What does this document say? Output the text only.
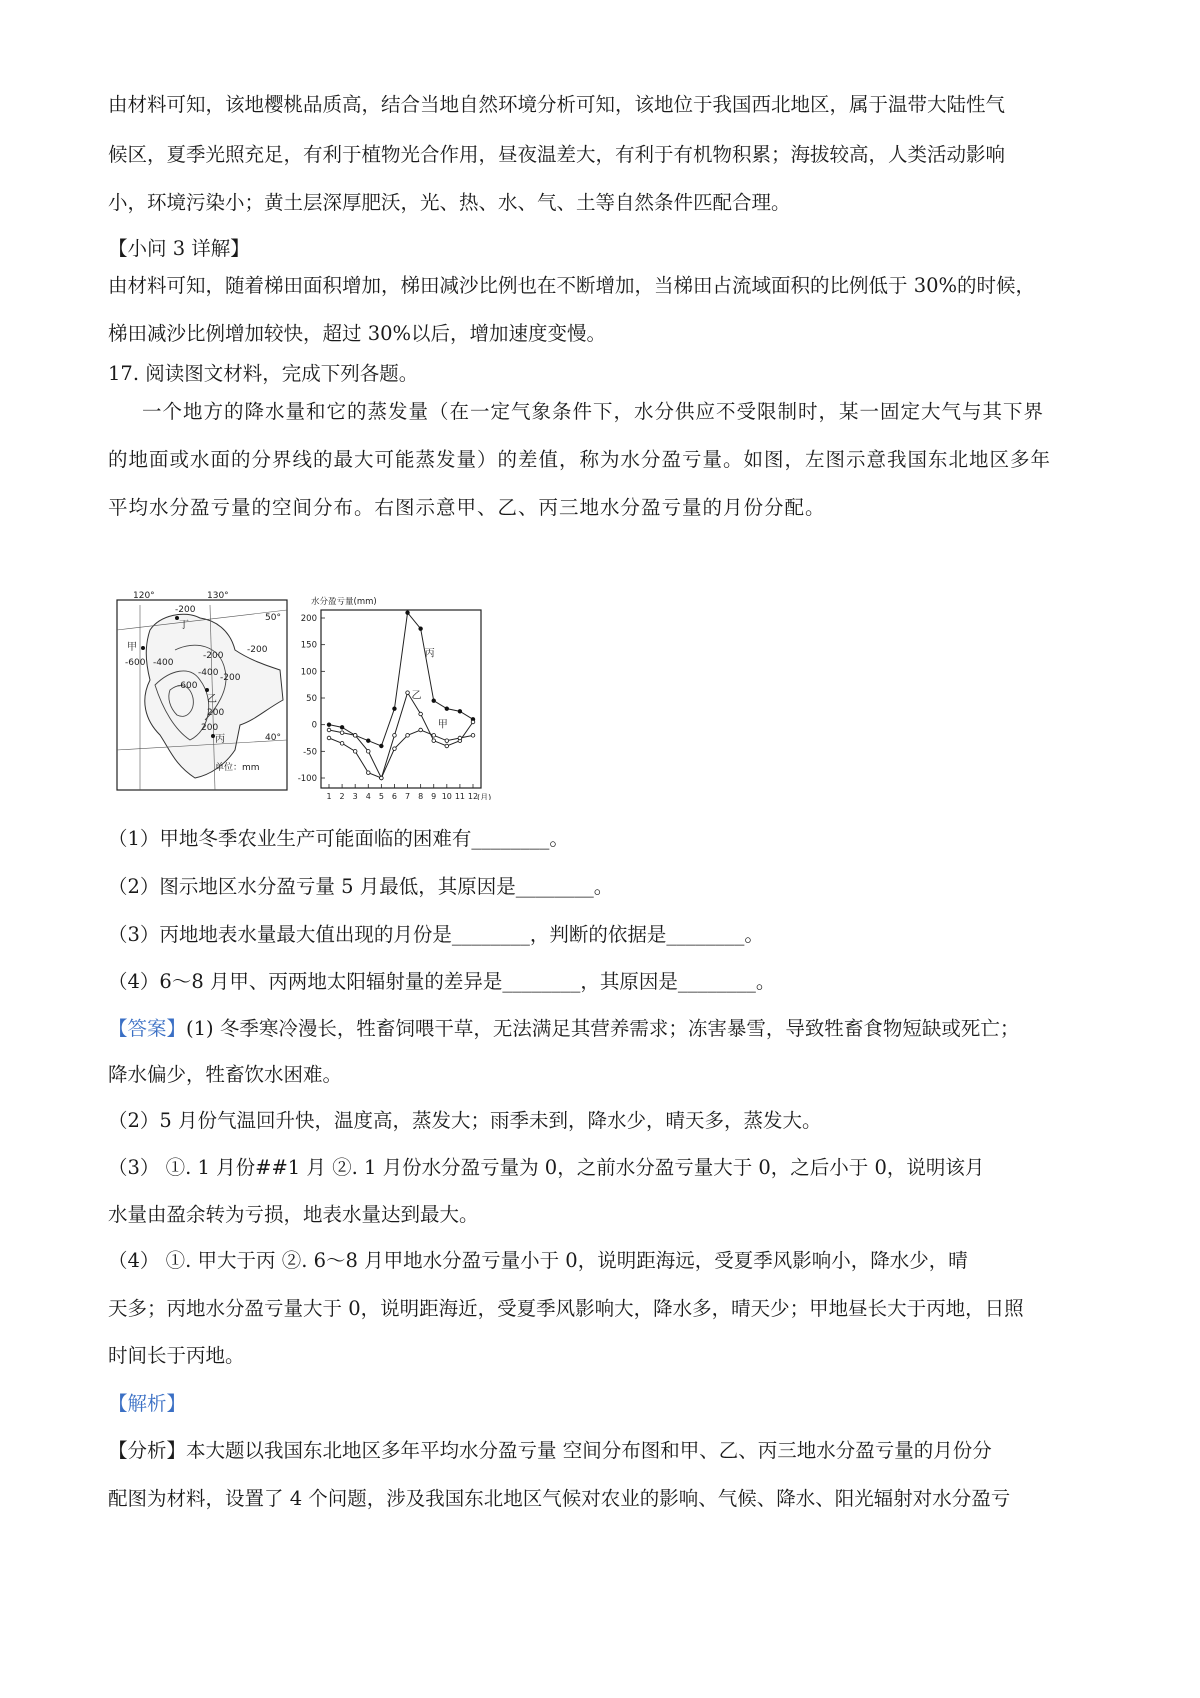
由材料可知，该地樱桃品质高，结合当地自然环境分析可知，该地位于我国西北地区，属于温带大陆性气
候区，夏季光照充足，有利于植物光合作用，昼夜温差大，有利于有机物积累；海拔较高，人类活动影响
小，环境污染小；黄土层深厚肥沃，光、热、水、气、土等自然条件匹配合理。
【小问 3 详解】
由材料可知，随着梯田面积增加，梯田减沙比例也在不断增加，当梯田占流域面积的比例低于 30%的时候，
梯田减沙比例增加较快，超过 30%以后，增加速度变慢。
17. 阅读图文材料，完成下列各题。
一个地方的降水量和它的蒸发量（在一定气象条件下，水分供应不受限制时，某一固定大气与其下界
的地面或水面的分界线的最大可能蒸发量）的差值，称为水分盈亏量。如图，左图示意我国东北地区多年
平均水分盈亏量的空间分布。右图示意甲、乙、丙三地水分盈亏量的月份分配。
120°	130°
50°
40°
-200
-400
-600
-400
-200
-600
-200
-200
200
200
甲
乙
丙
丁
单位：mm
水分盈亏量(mm)
-100
-50
0
50
100
150
200
1 2 3 4 5 6 7 8 9 10 11 12
丙
乙
甲
(月)
（1）甲地冬季农业生产可能面临的困难有________。
（2）图示地区水分盈亏量 5 月最低，其原因是________。
（3）丙地地表水量最大值出现的月份是________，判断的依据是________。
（4）6～8 月甲、丙两地太阳辐射量的差异是________，其原因是________。
【答案】(1) 冬季寒冷漫长，牲畜饲喂干草，无法满足其营养需求；冻害暴雪，导致牲畜食物短缺或死亡；
降水偏少，牲畜饮水困难。
（2）5 月份气温回升快，温度高，蒸发大；雨季未到，降水少，晴天多，蒸发大。
（3） ①. 1 月份##1 月 ②. 1 月份水分盈亏量为 0，之前水分盈亏量大于 0，之后小于 0，说明该月
水量由盈余转为亏损，地表水量达到最大。
（4） ①. 甲大于丙 ②. 6～8 月甲地水分盈亏量小于 0，说明距海远，受夏季风影响小，降水少，晴
天多；丙地水分盈亏量大于 0，说明距海近，受夏季风影响大，降水多，晴天少；甲地昼长大于丙地，日照
时间长于丙地。
【解析】
【分析】本大题以我国东北地区多年平均水分盈亏量 空间分布图和甲、乙、丙三地水分盈亏量的月份分
配图为材料，设置了 4 个问题，涉及我国东北地区气候对农业的影响、气候、降水、阳光辐射对水分盈亏
